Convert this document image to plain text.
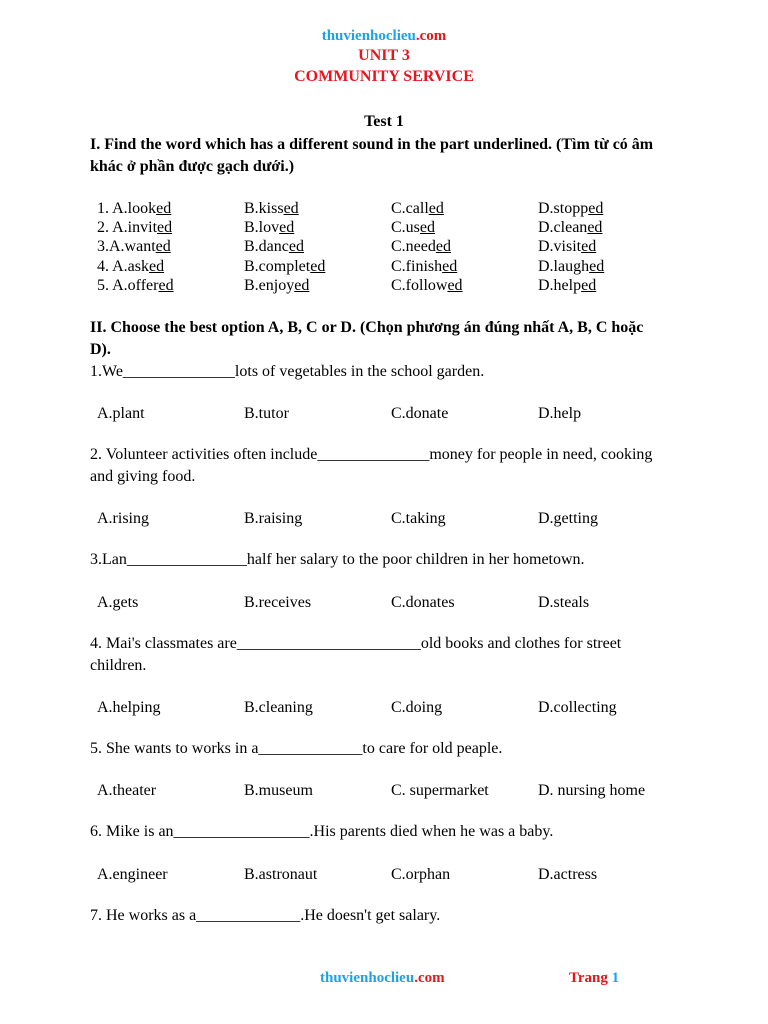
thuvienhoclieu.com
UNIT 3
COMMUNITY SERVICE
Test 1
I. Find the word which has a different sound in the part underlined. (Tìm từ có âm
khác ở phần được gạch dưới.)
1. A.looked	B.kissed	C.called	D.stopped
2. A.invited	B.loved	C.used	D.cleaned
3.A.wanted	B.danced	C.needed	D.visited
4. A.asked	B.completed	C.finished	D.laughed
5. A.offered	B.enjoyed	C.followed	D.helped
II. Choose the best option A, B, C or D. (Chọn phương án đúng nhất A, B, C hoặc
D).
1.We______________lots of vegetables in the school garden.
A.plant	B.tutor	C.donate	D.help
2. Volunteer activities often include______________money for people in need, cooking
and giving food.
A.rising	B.raising	C.taking	D.getting
3.Lan_______________half her salary to the poor children in her hometown.
A.gets	B.receives	C.donates	D.steals
4. Mai's classmates are_______________________old books and clothes for street
children.
A.helping	B.cleaning	C.doing	D.collecting
5. She wants to works in a_____________to care for old peaple.
A.theater	B.museum	C. supermarket	D. nursing home
6. Mike is an_________________.His parents died when he was a baby.
A.engineer	B.astronaut	C.orphan	D.actress
7. He works as a_____________.He doesn't get salary.
thuvienhoclieu.com	Trang 1
